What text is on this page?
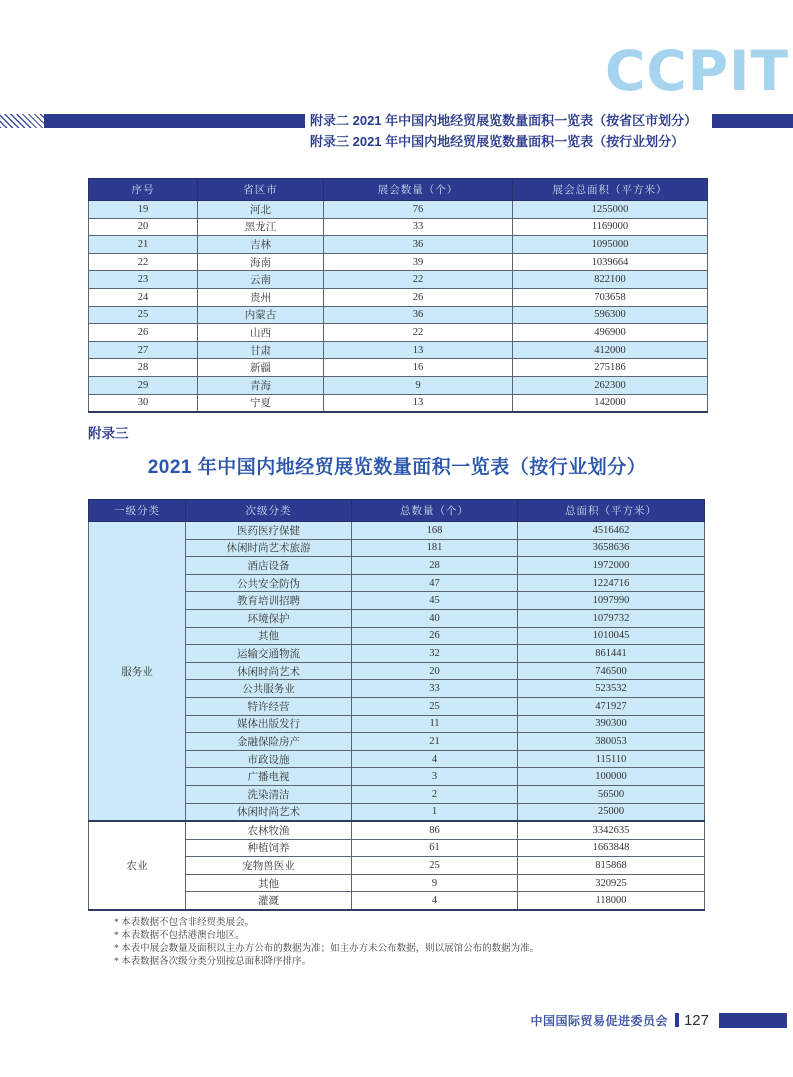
CCPIT
附录二 2021 年中国内地经贸展览数量面积一览表（按省区市划分）
附录三 2021 年中国内地经贸展览数量面积一览表（按行业划分）
序号	省区市	展会数量（个）	展会总面积（平方米）
19	河北	76	1255000
20	黑龙江	33	1169000
21	吉林	36	1095000
22	海南	39	1039664
23	云南	22	822100
24	贵州	26	703658
25	内蒙古	36	596300
26	山西	22	496900
27	甘肃	13	412000
28	新疆	16	275186
29	青海	9	262300
30	宁夏	13	142000
附录三
2021 年中国内地经贸展览数量面积一览表（按行业划分）
一级分类	次级分类	总数量（个）	总面积（平方米）
服务业	医药医疗保健	168	4516462
	休闲时尚艺术旅游	181	3658636
	酒店设备	28	1972000
	公共安全防伪	47	1224716
	教育培训招聘	45	1097990
	环境保护	40	1079732
	其他	26	1010045
	运输交通物流	32	861441
	休闲时尚艺术	20	746500
	公共服务业	33	523532
	特许经营	25	471927
	媒体出版发行	11	390300
	金融保险房产	21	380053
	市政设施	4	115110
	广播电视	3	100000
	洗染清洁	2	56500
	休闲时尚艺术	1	25000
农业	农林牧渔	86	3342635
	种植饲养	61	1663848
	宠物兽医业	25	815868
	其他	9	320925
	灌溉	4	118000
* 本表数据不包含非经贸类展会。
* 本表数据不包括港澳台地区。
* 本表中展会数量及面积以主办方公布的数据为准；如主办方未公布数据，则以展馆公布的数据为准。
* 本表数据各次级分类分别按总面积降序排序。
中国国际贸易促进委员会 127
